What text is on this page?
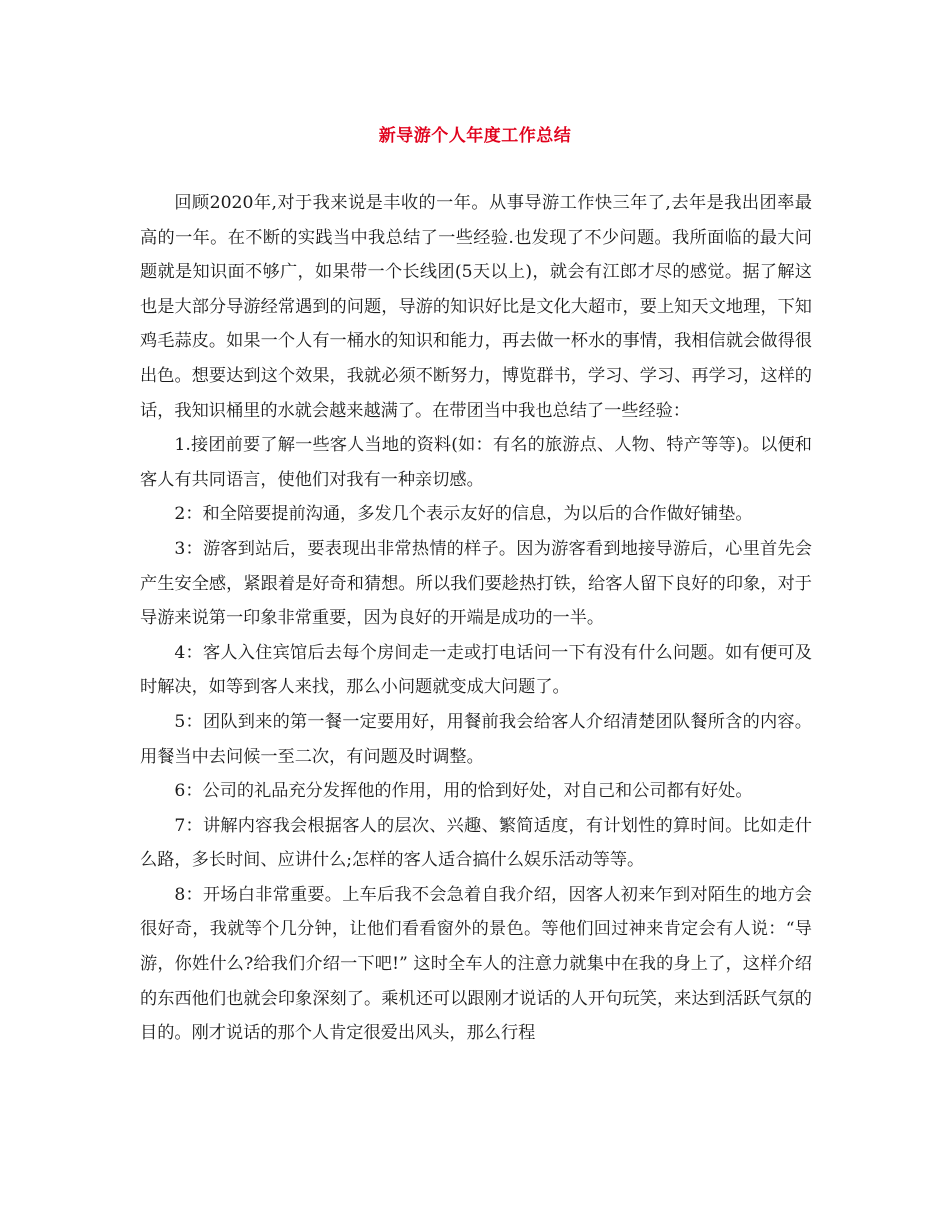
新导游个人年度工作总结

回顾2020年,对于我来说是丰收的一年。从事导游工作快三年了,去年是我出团率最高的一年。在不断的实践当中我总结了一些经验.也发现了不少问题。我所面临的最大问题就是知识面不够广，如果带一个长线团(5天以上)，就会有江郎才尽的感觉。据了解这也是大部分导游经常遇到的问题，导游的知识好比是文化大超市，要上知天文地理，下知鸡毛蒜皮。如果一个人有一桶水的知识和能力，再去做一杯水的事情，我相信就会做得很出色。想要达到这个效果，我就必须不断努力，博览群书，学习、学习、再学习，这样的话，我知识桶里的水就会越来越满了。在带团当中我也总结了一些经验：

1.接团前要了解一些客人当地的资料(如：有名的旅游点、人物、特产等等)。以便和客人有共同语言，使他们对我有一种亲切感。

2：和全陪要提前沟通，多发几个表示友好的信息，为以后的合作做好铺垫。

3：游客到站后，要表现出非常热情的样子。因为游客看到地接导游后，心里首先会产生安全感，紧跟着是好奇和猜想。所以我们要趁热打铁，给客人留下良好的印象，对于导游来说第一印象非常重要，因为良好的开端是成功的一半。

4：客人入住宾馆后去每个房间走一走或打电话问一下有没有什么问题。如有便可及时解决，如等到客人来找，那么小问题就变成大问题了。

5：团队到来的第一餐一定要用好，用餐前我会给客人介绍清楚团队餐所含的内容。用餐当中去问候一至二次，有问题及时调整。

6：公司的礼品充分发挥他的作用，用的恰到好处，对自己和公司都有好处。

7：讲解内容我会根据客人的层次、兴趣、繁简适度，有计划性的算时间。比如走什么路，多长时间、应讲什么;怎样的客人适合搞什么娱乐活动等等。

8：开场白非常重要。上车后我不会急着自我介绍，因客人初来乍到对陌生的地方会很好奇，我就等个几分钟，让他们看看窗外的景色。等他们回过神来肯定会有人说：“导游，你姓什么?给我们介绍一下吧!” 这时全车人的注意力就集中在我的身上了，这样介绍的东西他们也就会印象深刻了。乘机还可以跟刚才说话的人开句玩笑，来达到活跃气氛的目的。刚才说话的那个人肯定很爱出风头，那么行程
